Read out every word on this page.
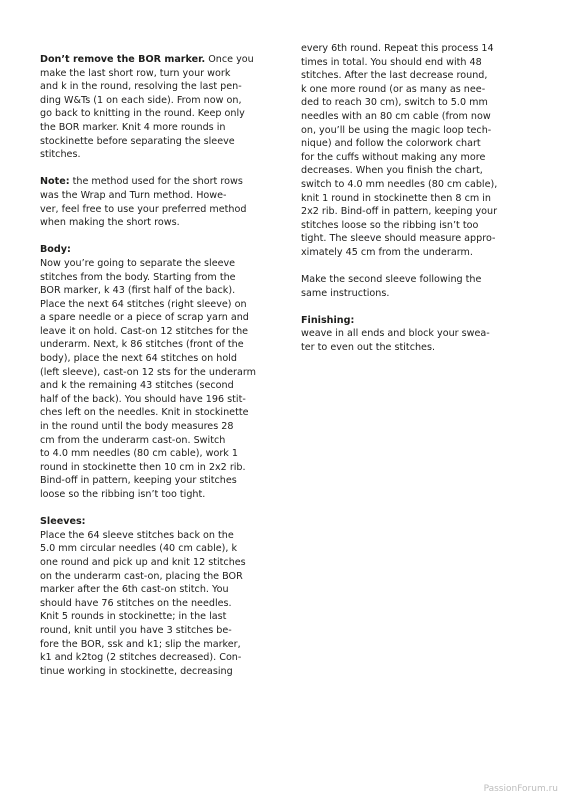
Don’t remove the BOR marker. Once you
make the last short row, turn your work
and k in the round, resolving the last pen-
ding W&Ts (1 on each side). From now on,
go back to knitting in the round. Keep only
the BOR marker. Knit 4 more rounds in
stockinette before separating the sleeve
stitches.
Note: the method used for the short rows
was the Wrap and Turn method. Howe-
ver, feel free to use your preferred method
when making the short rows.
Body:
Now you’re going to separate the sleeve
stitches from the body. Starting from the
BOR marker, k 43 (first half of the back).
Place the next 64 stitches (right sleeve) on
a spare needle or a piece of scrap yarn and
leave it on hold. Cast-on 12 stitches for the
underarm. Next, k 86 stitches (front of the
body), place the next 64 stitches on hold
(left sleeve), cast-on 12 sts for the underarm
and k the remaining 43 stitches (second
half of the back). You should have 196 stit-
ches left on the needles. Knit in stockinette
in the round until the body measures 28
cm from the underarm cast-on. Switch
to 4.0 mm needles (80 cm cable), work 1
round in stockinette then 10 cm in 2x2 rib.
Bind-off in pattern, keeping your stitches
loose so the ribbing isn’t too tight.
Sleeves:
Place the 64 sleeve stitches back on the
5.0 mm circular needles (40 cm cable), k
one round and pick up and knit 12 stitches
on the underarm cast-on, placing the BOR
marker after the 6th cast-on stitch. You
should have 76 stitches on the needles.
Knit 5 rounds in stockinette; in the last
round, knit until you have 3 stitches be-
fore the BOR, ssk and k1; slip the marker,
k1 and k2tog (2 stitches decreased). Con-
tinue working in stockinette, decreasing
every 6th round. Repeat this process 14
times in total. You should end with 48
stitches. After the last decrease round,
k one more round (or as many as nee-
ded to reach 30 cm), switch to 5.0 mm
needles with an 80 cm cable (from now
on, you’ll be using the magic loop tech-
nique) and follow the colorwork chart
for the cuffs without making any more
decreases. When you finish the chart,
switch to 4.0 mm needles (80 cm cable),
knit 1 round in stockinette then 8 cm in
2x2 rib. Bind-off in pattern, keeping your
stitches loose so the ribbing isn’t too
tight. The sleeve should measure appro-
ximately 45 cm from the underarm.
Make the second sleeve following the
same instructions.
Finishing:
weave in all ends and block your swea-
ter to even out the stitches.
PassionForum.ru
